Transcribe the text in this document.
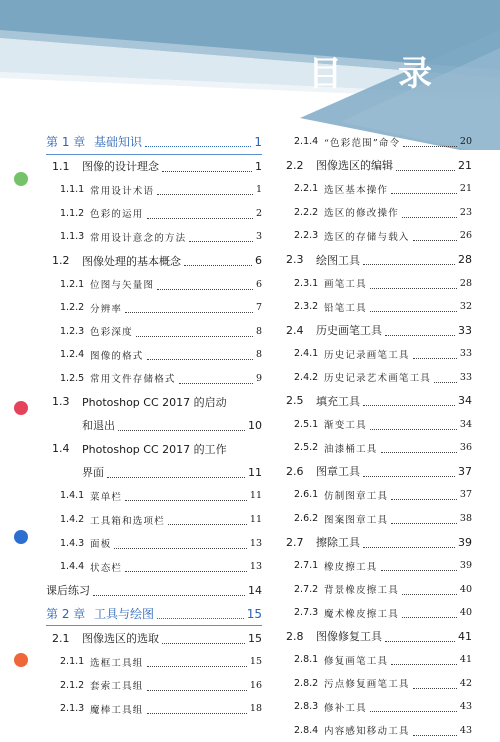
目 录
第 1 章 基础知识	1
1.1	图像的设计理念	1
1.1.1 常用设计术语	1
1.1.2 色彩的运用	2
1.1.3 常用设计意念的方法	3
1.2	图像处理的基本概念	6
1.2.1 位图与矢量图	6
1.2.2 分辨率	7
1.2.3 色彩深度	8
1.2.4 图像的格式	8
1.2.5 常用文件存储格式	9
1.3	Photoshop CC 2017 的启动
和退出	10
1.4	Photoshop CC 2017 的工作
界面	11
1.4.1 菜单栏	11
1.4.2 工具箱和选项栏	11
1.4.3 面板	13
1.4.4 状态栏	13
课后练习	14
第 2 章 工具与绘图	15
2.1	图像选区的选取	15
2.1.1 选框工具组	15
2.1.2 套索工具组	16
2.1.3 魔棒工具组	18
2.1.4 “色彩范围”命令	20
2.2	图像选区的编辑	21
2.2.1 选区基本操作	21
2.2.2 选区的修改操作	23
2.2.3 选区的存储与载入	26
2.3	绘图工具	28
2.3.1 画笔工具	28
2.3.2 铅笔工具	32
2.4	历史画笔工具	33
2.4.1 历史记录画笔工具	33
2.4.2 历史记录艺术画笔工具	33
2.5	填充工具	34
2.5.1 渐变工具	34
2.5.2 油漆桶工具	36
2.6	图章工具	37
2.6.1 仿制图章工具	37
2.6.2 图案图章工具	38
2.7	擦除工具	39
2.7.1 橡皮擦工具	39
2.7.2 背景橡皮擦工具	40
2.7.3 魔术橡皮擦工具	40
2.8	图像修复工具	41
2.8.1 修复画笔工具	41
2.8.2 污点修复画笔工具	42
2.8.3 修补工具	43
2.8.4 内容感知移动工具	43
